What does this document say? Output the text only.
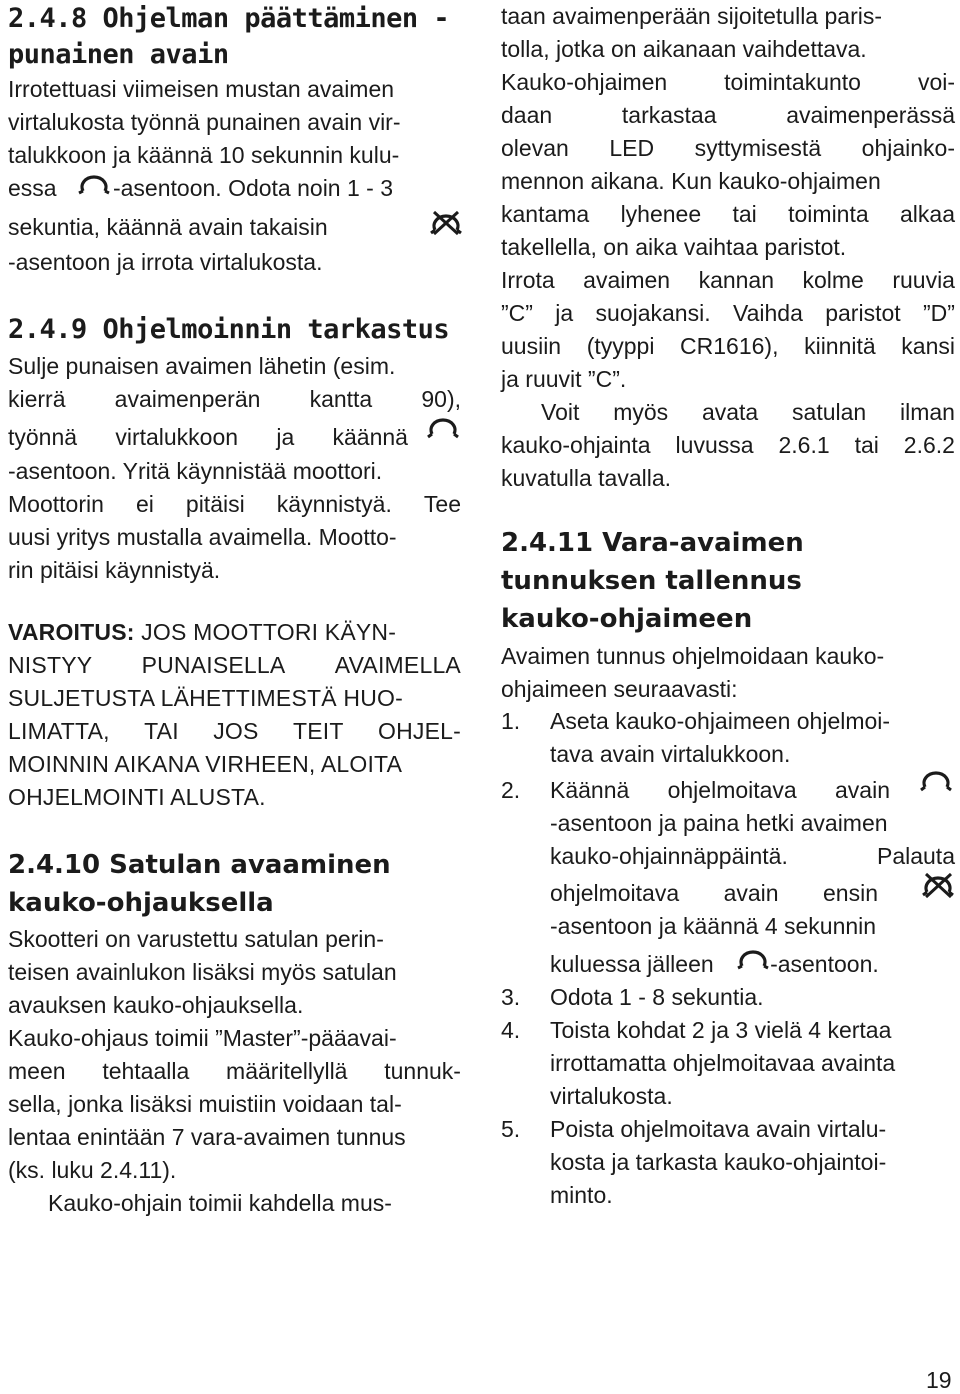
2.4.8 Ohjelman päättäminen -
punainen avain
Irrotettuasi viimeisen mustan avaimen
virtalukosta työnnä punainen avain vir-
talukkoon ja käännä 10 sekunnin kulu-
essa -asentoon. Odota noin 1 - 3
sekuntia, käännä avain takaisin
-asentoon ja irrota virtalukosta.
2.4.9 Ohjelmoinnin tarkastus
Sulje punaisen avaimen lähetin (esim.
kierrä avaimenperän kantta 90),
työnnä virtalukkoon ja käännä
-asentoon. Yritä käynnistää moottori.
Moottorin ei pitäisi käynnistyä. Tee
uusi yritys mustalla avaimella. Mootto-
rin pitäisi käynnistyä.
VAROITUS: JOS MOOTTORI KÄYN-
NISTYY PUNAISELLA AVAIMELLA
SULJETUSTA LÄHETTIMESTÄ HUO-
LIMATTA, TAI JOS TEIT OHJEL-
MOINNIN AIKANA VIRHEEN, ALOITA
OHJELMOINTI ALUSTA.
2.4.10 Satulan avaaminen
kauko-ohjauksella
Skootteri on varustettu satulan perin-
teisen avainlukon lisäksi myös satulan
avauksen kauko-ohjauksella.
Kauko-ohjaus toimii ”Master”-pääavai-
meen tehtaalla määritellyllä tunnuk-
sella, jonka lisäksi muistiin voidaan tal-
lentaa enintään 7 vara-avaimen tunnus
(ks. luku 2.4.11).
Kauko-ohjain toimii kahdella mus-
taan avaimenperään sijoitetulla paris-
tolla, jotka on aikanaan vaihdettava.
Kauko-ohjaimen toimintakunto voi-
daan	tarkastaa	avaimenperässä
olevan LED syttymisestä ohjainko-
mennon aikana. Kun kauko-ohjaimen
kantama lyhenee tai toiminta alkaa
takellella, on aika vaihtaa paristot.
Irrota avaimen kannan kolme ruuvia
”C” ja suojakansi. Vaihda paristot ”D”
uusiin (tyyppi CR1616), kiinnitä kansi
ja ruuvit ”C”.
Voit myös avata satulan ilman
kauko-ohjainta luvussa 2.6.1 tai 2.6.2
kuvatulla tavalla.
2.4.11 Vara-avaimen
tunnuksen tallennus
kauko-ohjaimeen
Avaimen tunnus ohjelmoidaan kauko-
ohjaimeen seuraavasti:
1. Aseta kauko-ohjaimeen ohjelmoi-
tava avain virtalukkoon.
2. Käännä ohjelmoitava avain
-asentoon ja paina hetki avaimen
kauko-ohjainnäppäintä.	Palauta
ohjelmoitava avain ensin
-asentoon ja käännä 4 sekunnin
kuluessa jälleen -asentoon.
3. Odota 1 - 8 sekuntia.
4. Toista kohdat 2 ja 3 vielä 4 kertaa
irrottamatta ohjelmoitavaa avainta
virtalukosta.
5. Poista ohjelmoitava avain virtalu-
kosta ja tarkasta kauko-ohjaintoi-
minto.
19
